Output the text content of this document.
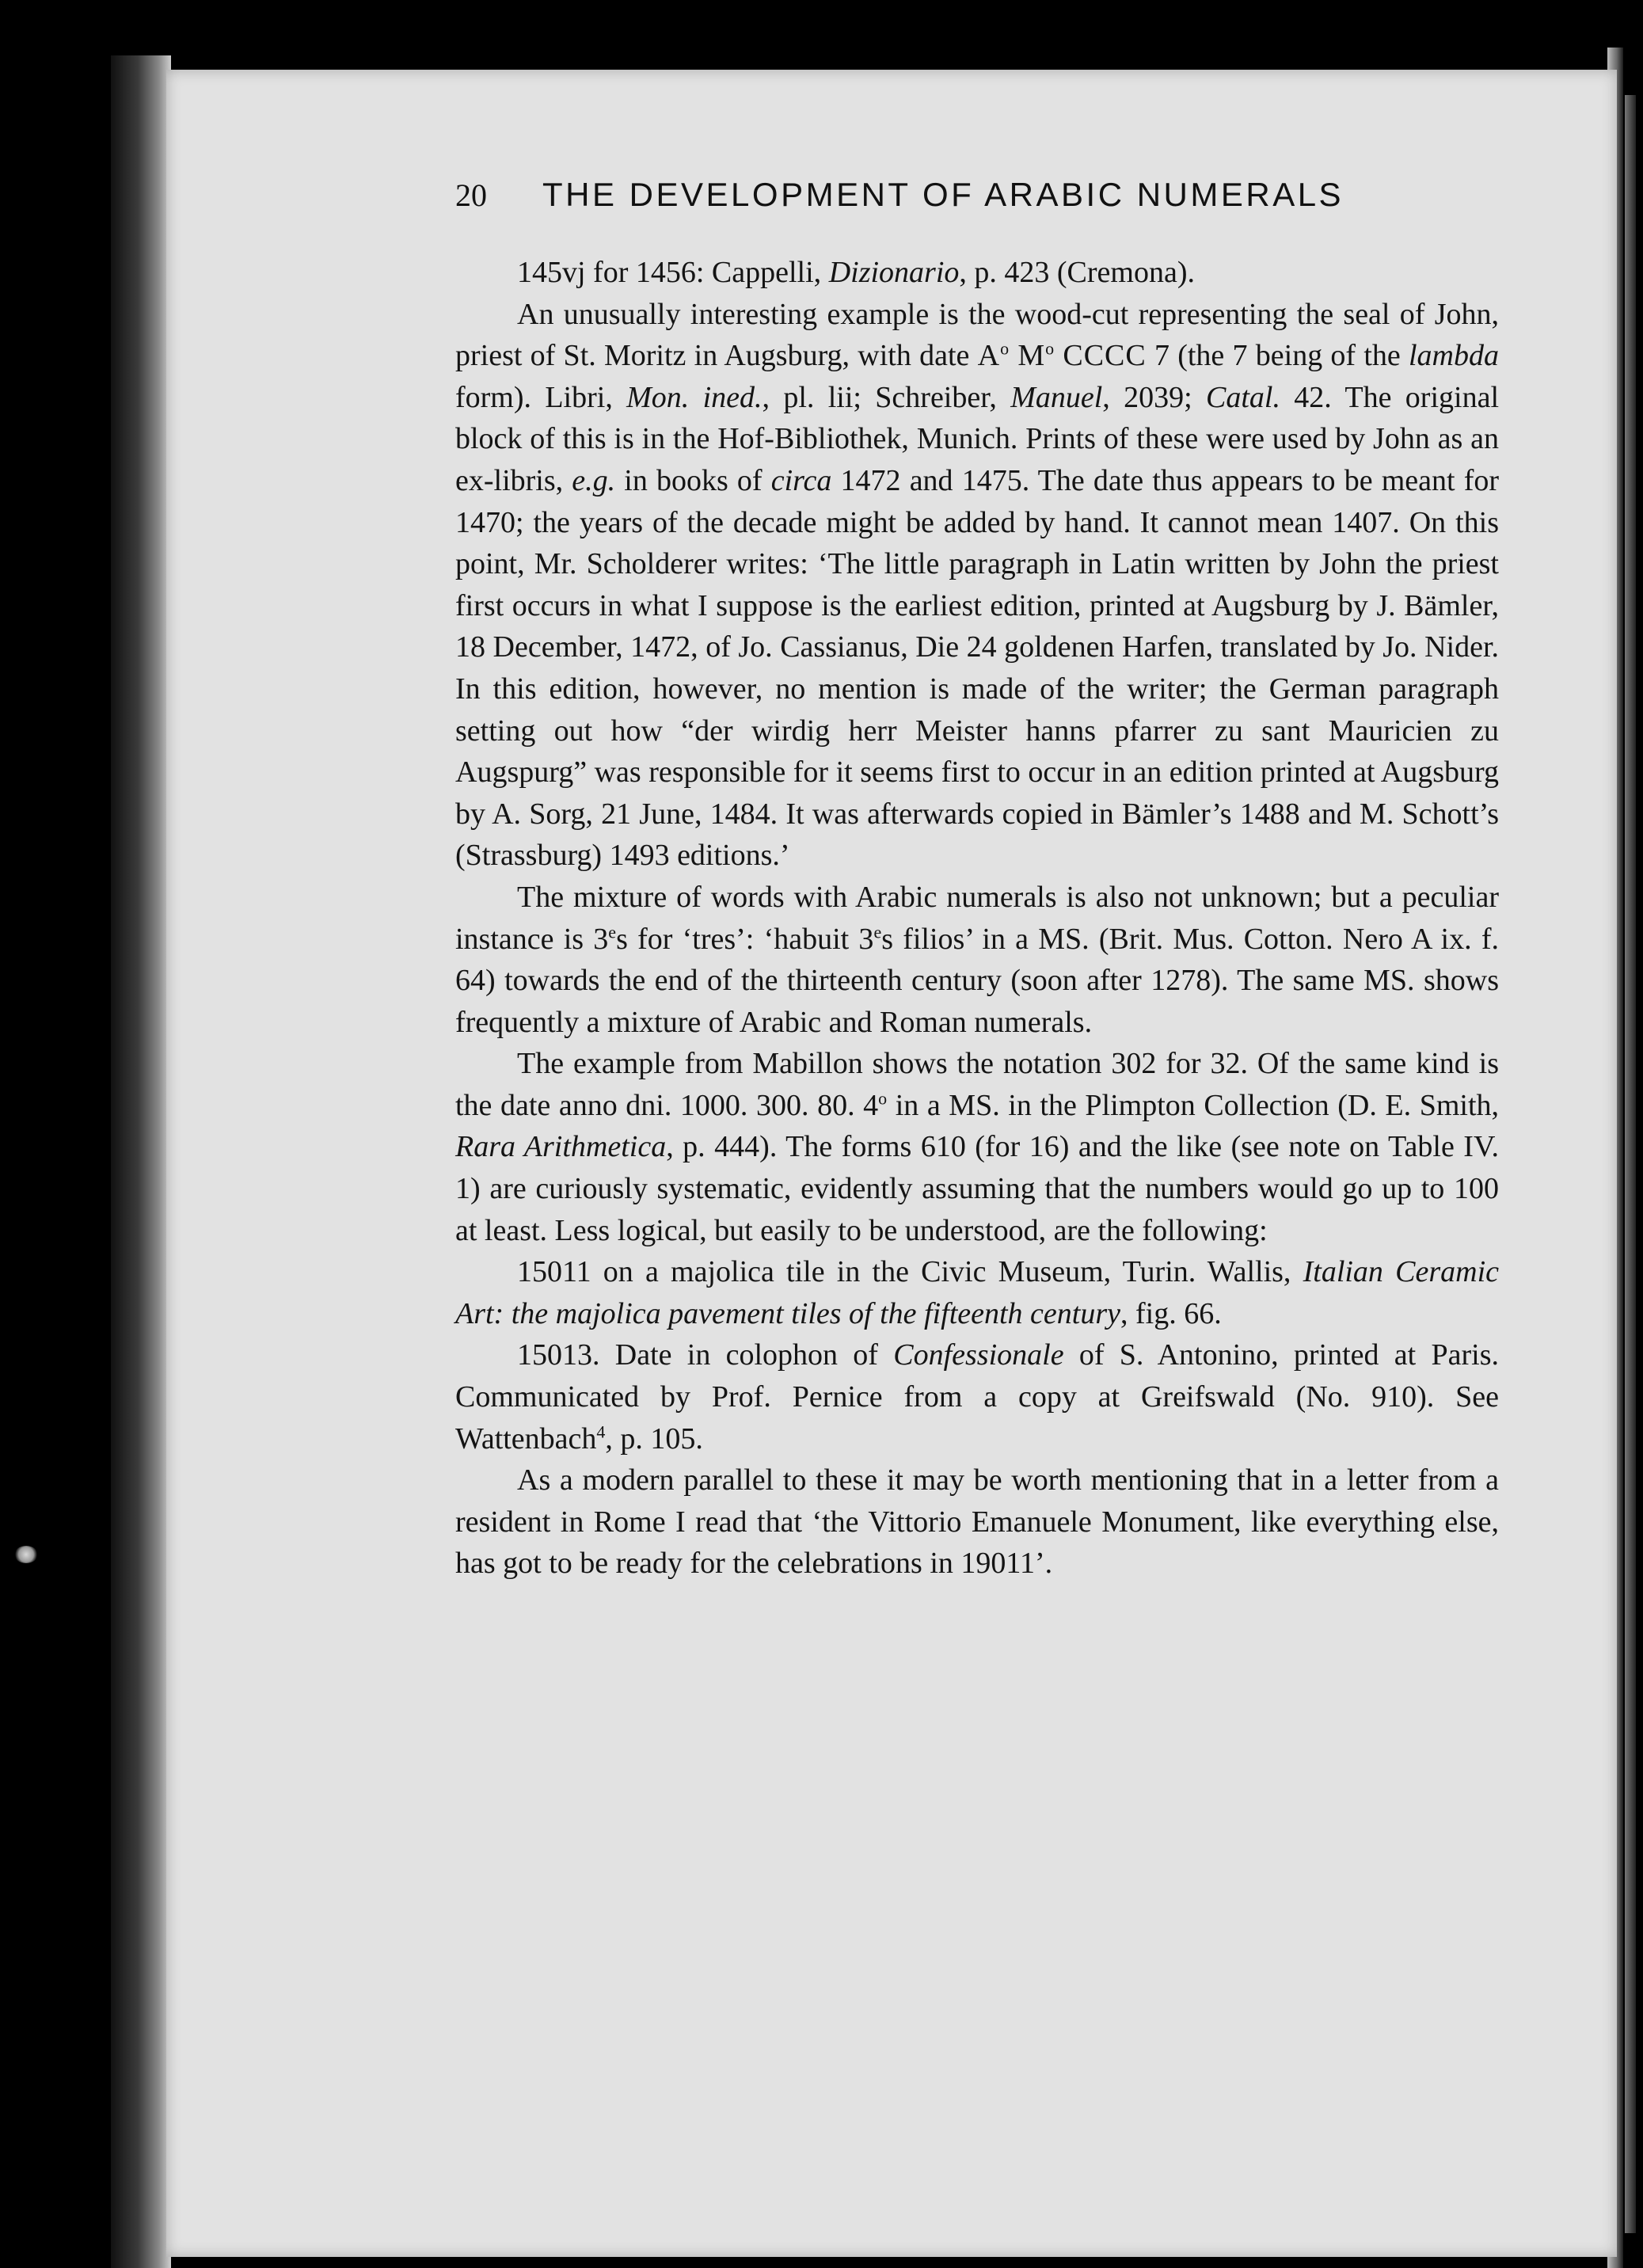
20	THE DEVELOPMENT OF ARABIC NUMERALS

145vj for 1456: Cappelli, Dizionario, p. 423 (Cremona).

An unusually interesting example is the wood-cut representing the seal of John, priest of St. Moritz in Augsburg, with date $A^o$ $M^o$ CCCC 7 (the 7 being of the lambda form). Libri, Mon. ined., pl. lii; Schreiber, Manuel, 2039; Catal. 42. The original block of this is in the Hof-Bibliothek, Munich. Prints of these were used by John as an ex-libris, e.g. in books of circa 1472 and 1475. The date thus appears to be meant for 1470; the years of the decade might be added by hand. It cannot mean 1407. On this point, Mr. Scholderer writes: ‘The little paragraph in Latin written by John the priest first occurs in what I suppose is the earliest edition, printed at Augsburg by J. Bämler, 18 December, 1472, of Jo. Cassianus, Die 24 goldenen Harfen, translated by Jo. Nider. In this edition, however, no mention is made of the writer; the German paragraph setting out how “der wirdig herr Meister hanns pfarrer zu sant Mauricien zu Augspurg” was responsible for it seems first to occur in an edition printed at Augsburg by A. Sorg, 21 June, 1484. It was afterwards copied in Bämler’s 1488 and M. Schott’s (Strassburg) 1493 editions.’

The mixture of words with Arabic numerals is also not unknown; but a peculiar instance is 3es for ‘tres’: ‘habuit 3es filios’ in a MS. (Brit. Mus. Cotton. Nero A ix. f. 64) towards the end of the thirteenth century (soon after 1278). The same MS. shows frequently a mixture of Arabic and Roman numerals.

The example from Mabillon shows the notation 302 for 32. Of the same kind is the date anno dni. 1000. 300. 80. 4$^o$ in a MS. in the Plimpton Collection (D. E. Smith, Rara Arithmetica, p. 444). The forms 610 (for 16) and the like (see note on Table IV. 1) are curiously systematic, evidently assuming that the numbers would go up to 100 at least. Less logical, but easily to be understood, are the following:

15011 on a majolica tile in the Civic Museum, Turin. Wallis, Italian Ceramic Art: the majolica pavement tiles of the fifteenth century, fig. 66.

15013. Date in colophon of Confessionale of S. Antonino, printed at Paris. Communicated by Prof. Pernice from a copy at Greifswald (No. 910). See Wattenbach$^4$, p. 105.

As a modern parallel to these it may be worth mentioning that in a letter from a resident in Rome I read that ‘the Vittorio Emanuele Monument, like everything else, has got to be ready for the celebrations in 19011’.
